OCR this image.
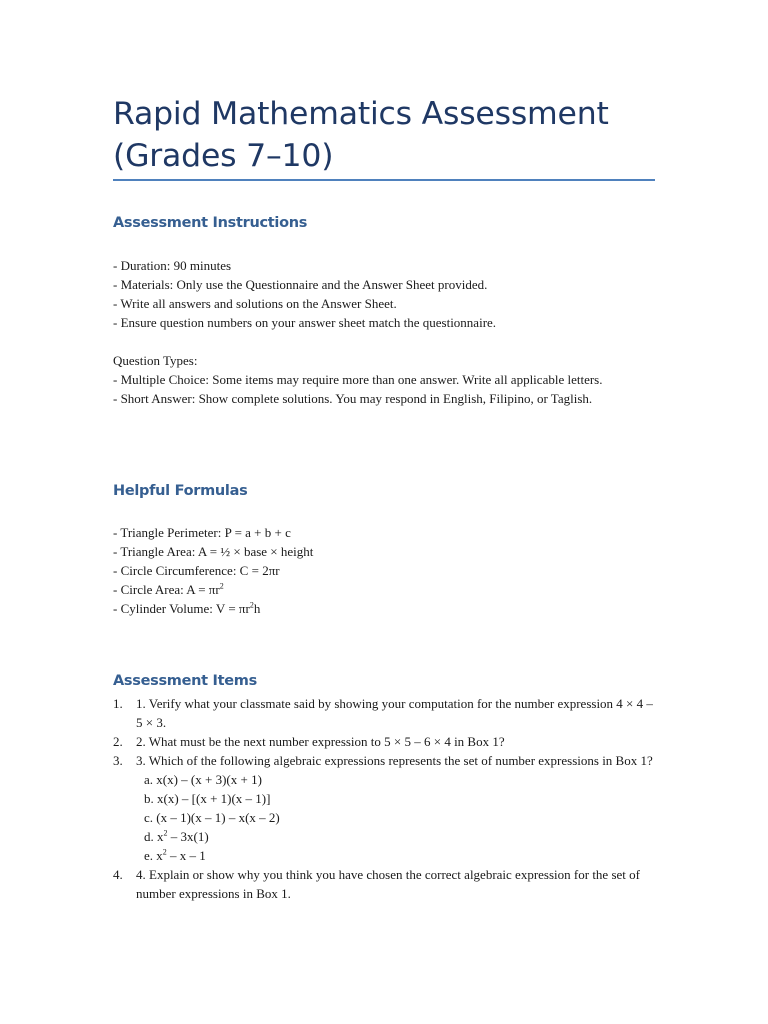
Rapid Mathematics Assessment (Grades 7–10)
Assessment Instructions
- Duration: 90 minutes
- Materials: Only use the Questionnaire and the Answer Sheet provided.
- Write all answers and solutions on the Answer Sheet.
- Ensure question numbers on your answer sheet match the questionnaire.
Question Types:
- Multiple Choice: Some items may require more than one answer. Write all applicable letters.
- Short Answer: Show complete solutions. You may respond in English, Filipino, or Taglish.
Helpful Formulas
- Triangle Perimeter: P = a + b + c
- Triangle Area: A = ½ × base × height
- Circle Circumference: C = 2πr
- Circle Area: $A = \pi r^2$
- Cylinder Volume: $V = \pi r^2h$
Assessment Items
1. 1. Verify what your classmate said by showing your computation for the number expression 4 × 4 – 5 × 3.
2. 2. What must be the next number expression to 5 × 5 – 6 × 4 in Box 1?
3. 3. Which of the following algebraic expressions represents the set of number expressions in Box 1?
a. x(x) – (x + 3)(x + 1)
b. x(x) – [(x + 1)(x – 1)]
c. (x – 1)(x – 1) – x(x – 2)
d. $x^2 - 3x(1)$
e. $x^2$ – x – 1
4. 4. Explain or show why you think you have chosen the correct algebraic expression for the set of number expressions in Box 1.
